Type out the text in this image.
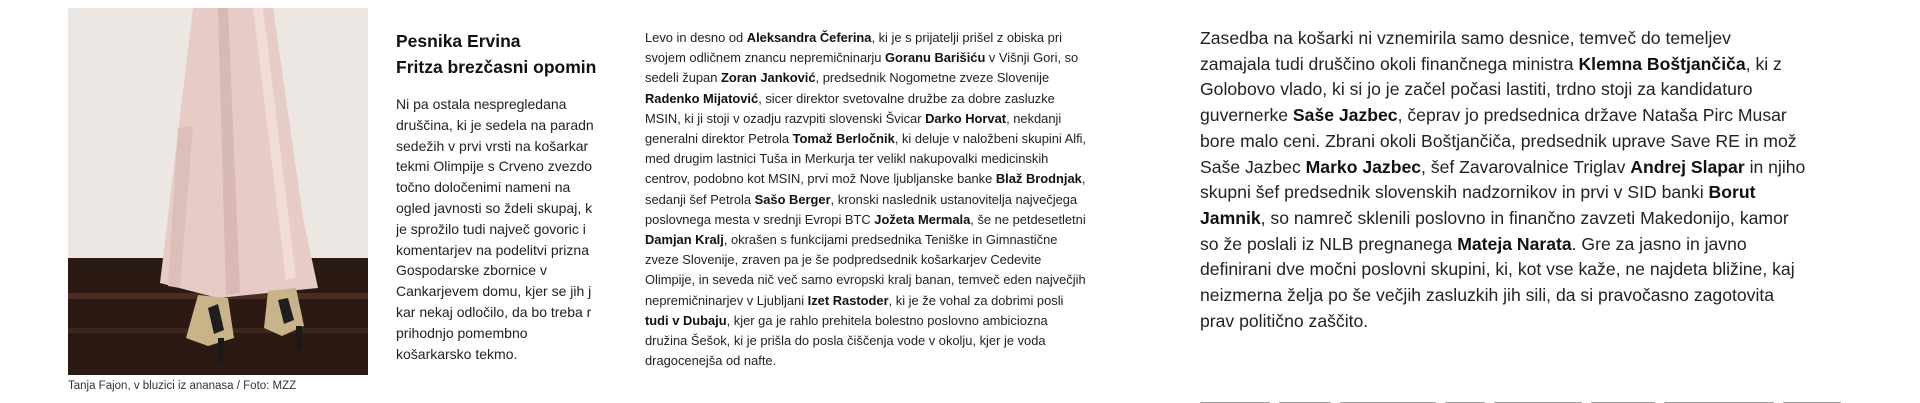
Tanja Fajon, v bluzici iz ananasa / Foto: MZZ
Pesnika Ervina
Fritza brezčasni opomin
Ni pa ostala nespregledana
druščina, ki je sedela na paradn
sedežih v prvi vrsti na košarkar
tekmi Olimpije s Crveno zvezdo
točno določenimi nameni na
ogled javnosti so ždeli skupaj, k
je sprožilo tudi največ govoric i
komentarjev na podelitvi prizna
Gospodarske zbornice v
Cankarjevem domu, kjer se jih j
kar nekaj odločilo, da bo treba r
prihodnjo pomembno
košarkarsko tekmo.
Levo in desno od Aleksandra Čeferina, ki je s prijatelji prišel z obiska pri
svojem odličnem znancu nepremičninarju Goranu Barišiću v Višnji Gori, so
sedeli župan Zoran Janković, predsednik Nogometne zveze Slovenije
Radenko Mijatović, sicer direktor svetovalne družbe za dobre zasluzke
MSIN, ki ji stoji v ozadju razvpiti slovenski Švicar Darko Horvat, nekdanji
generalni direktor Petrola Tomaž Berločnik, ki deluje v naložbeni skupini Alfi,
med drugim lastnici Tuša in Merkurja ter velikl nakupovalki medicinskih
centrov, podobno kot MSIN, prvi mož Nove ljubljanske banke Blaž Brodnjak,
sedanji šef Petrola Sašo Berger, kronski naslednik ustanovitelja največjega
poslovnega mesta v srednji Evropi BTC Jožeta Mermala, še ne petdesetletni
Damjan Kralj, okrašen s funkcijami predsednika Teniške in Gimnastične
zveze Slovenije, zraven pa je še podpredsednik košarkarjev Cedevite
Olimpije, in seveda nič več samo evropski kralj banan, temveč eden največjih
nepremičninarjev v Ljubljani Izet Rastoder, ki je že vohal za dobrimi posli
tudi v Dubaju, kjer ga je rahlo prehitela bolestno poslovno ambiciozna
družina Šešok, ki je prišla do posla čiščenja vode v okolju, kjer je voda
dragocenejša od nafte.
Zasedba na košarki ni vznemirila samo desnice, temveč do temeljev
zamajala tudi druščino okoli finančnega ministra Klemna Boštjančiča, ki z
Golobovo vlado, ki si jo je začel počasi lastiti, trdno stoji za kandidaturo
guvernerke Saše Jazbec, čeprav jo predsednica države Nataša Pirc Musar
bore malo ceni. Zbrani okoli Boštjančiča, predsednik uprave Save RE in mož
Saše Jazbec Marko Jazbec, šef Zavarovalnice Triglav Andrej Slapar in njiho
skupni šef predsednik slovenskih nadzornikov in prvi v SID banki Borut
Jamnik, so namreč sklenili poslovno in finančno zavzeti Makedonijo, kamor
so že poslali iz NLB pregnanega Mateja Narata. Gre za jasno in javno
definirani dve močni poslovni skupini, ki, kot vse kaže, ne najdeta bližine, kaj
neizmerna želja po še večjih zasluzkih jih sili, da si pravočasno zagotovita
prav politično zaščito.
